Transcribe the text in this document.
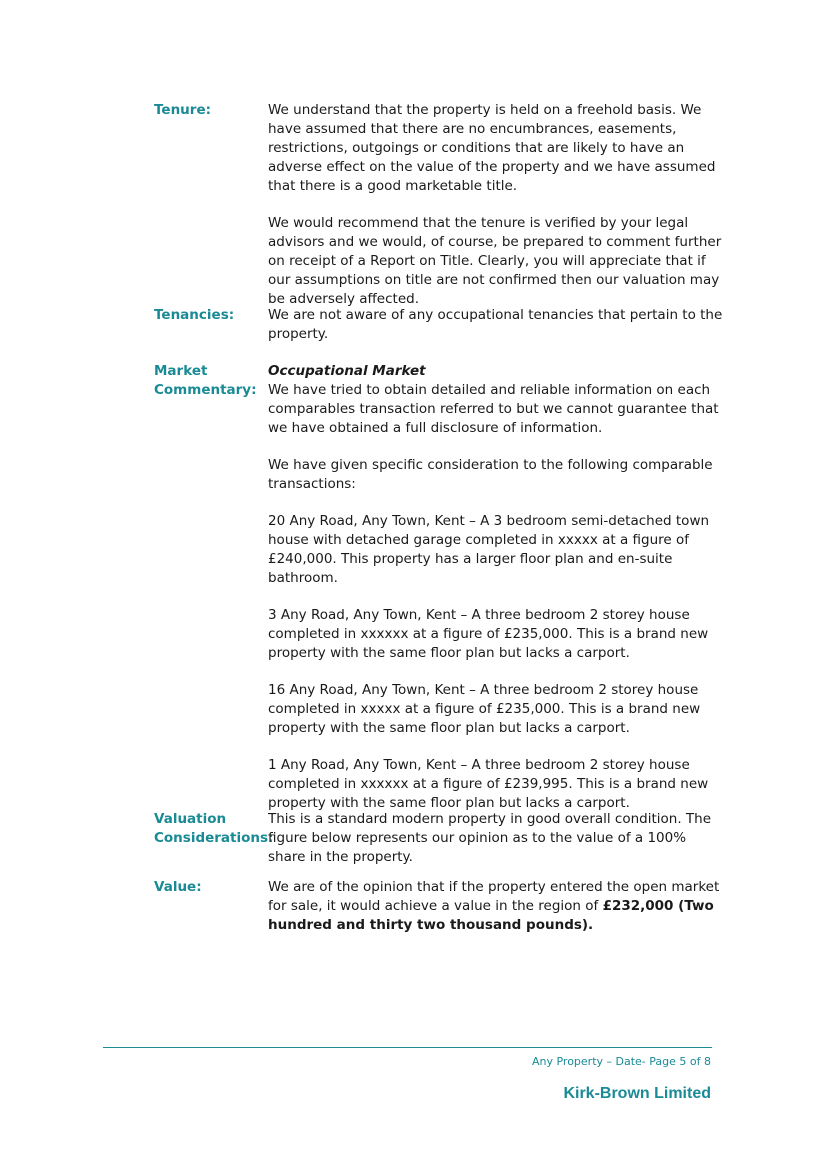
Tenure:	We understand that the property is held on a freehold basis. We have assumed that there are no encumbrances, easements, restrictions, outgoings or conditions that are likely to have an adverse effect on the value of the property and we have assumed that there is a good marketable title.

We would recommend that the tenure is verified by your legal advisors and we would, of course, be prepared to comment further on receipt of a Report on Title. Clearly, you will appreciate that if our assumptions on title are not confirmed then our valuation may be adversely affected.

Tenancies:	We are not aware of any occupational tenancies that pertain to the property.

Market
Commentary:

Occupational Market
We have tried to obtain detailed and reliable information on each comparables transaction referred to but we cannot guarantee that we have obtained a full disclosure of information.

We have given specific consideration to the following comparable transactions:

20 Any Road, Any Town, Kent – A 3 bedroom semi-detached town house with detached garage completed in xxxxx at a figure of £240,000. This property has a larger floor plan and en-suite bathroom.

3 Any Road, Any Town, Kent – A three bedroom 2 storey house completed in xxxxxx at a figure of £235,000. This is a brand new property with the same floor plan but lacks a carport.

16 Any Road, Any Town, Kent – A three bedroom 2 storey house completed in xxxxx at a figure of £235,000. This is a brand new property with the same floor plan but lacks a carport.

1 Any Road, Any Town, Kent – A three bedroom 2 storey house completed in xxxxxx at a figure of £239,995. This is a brand new property with the same floor plan but lacks a carport.

Valuation
Considerations:

This is a standard modern property in good overall condition. The figure below represents our opinion as to the value of a 100% share in the property.

Value:	We are of the opinion that if the property entered the open market for sale, it would achieve a value in the region of £232,000 (Two hundred and thirty two thousand pounds).

Any Property – Date- Page 5 of 8
Kirk-Brown Limited
